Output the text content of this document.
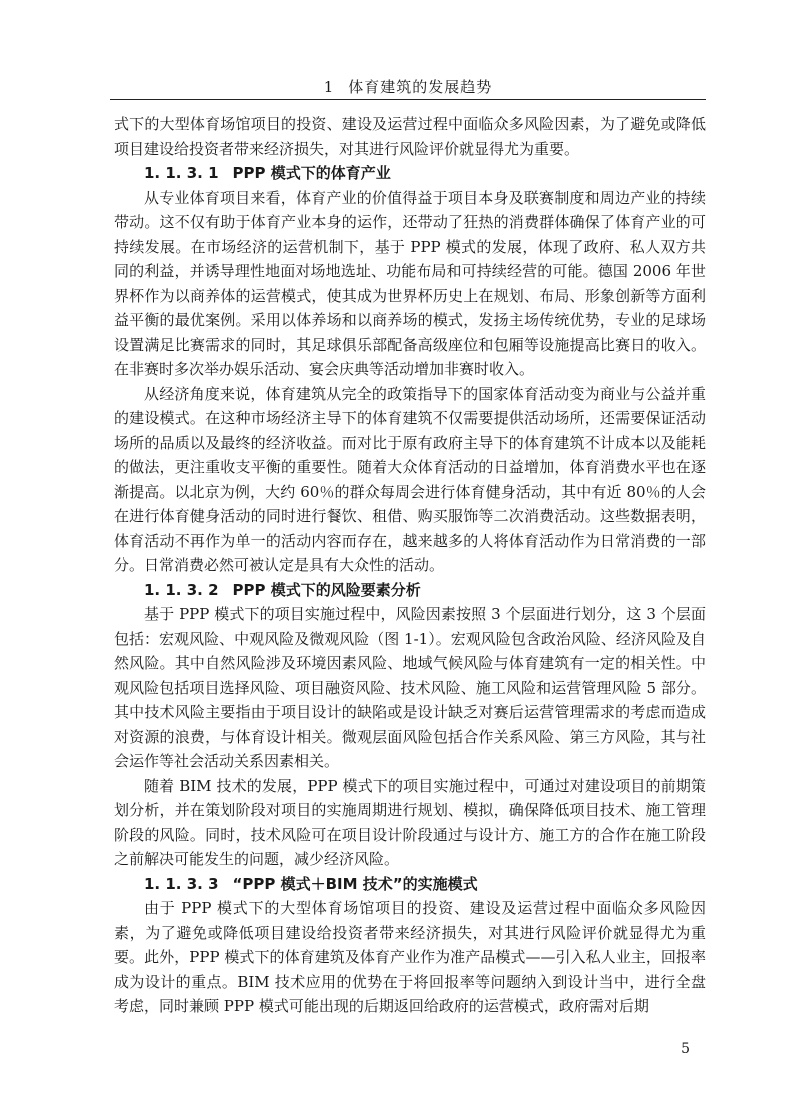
1 体育建筑的发展趋势

式下的大型体育场馆项目的投资、建设及运营过程中面临众多风险因素，为了避免或降低项目建设给投资者带来经济损失，对其进行风险评价就显得尤为重要。

1. 1. 3. 1 PPP 模式下的体育产业

从专业体育项目来看，体育产业的价值得益于项目本身及联赛制度和周边产业的持续带动。这不仅有助于体育产业本身的运作，还带动了狂热的消费群体确保了体育产业的可持续发展。在市场经济的运营机制下，基于 PPP 模式的发展，体现了政府、私人双方共同的利益，并诱导理性地面对场地选址、功能布局和可持续经营的可能。德国 2006 年世界杯作为以商养体的运营模式，使其成为世界杯历史上在规划、布局、形象创新等方面利益平衡的最优案例。采用以体养场和以商养场的模式，发扬主场传统优势，专业的足球场设置满足比赛需求的同时，其足球俱乐部配备高级座位和包厢等设施提高比赛日的收入。在非赛时多次举办娱乐活动、宴会庆典等活动增加非赛时收入。

从经济角度来说，体育建筑从完全的政策指导下的国家体育活动变为商业与公益并重的建设模式。在这种市场经济主导下的体育建筑不仅需要提供活动场所，还需要保证活动场所的品质以及最终的经济收益。而对比于原有政府主导下的体育建筑不计成本以及能耗的做法，更注重收支平衡的重要性。随着大众体育活动的日益增加，体育消费水平也在逐渐提高。以北京为例，大约 60％的群众每周会进行体育健身活动，其中有近 80％的人会在进行体育健身活动的同时进行餐饮、租借、购买服饰等二次消费活动。这些数据表明，体育活动不再作为单一的活动内容而存在，越来越多的人将体育活动作为日常消费的一部分。日常消费必然可被认定是具有大众性的活动。

1. 1. 3. 2 PPP 模式下的风险要素分析

基于 PPP 模式下的项目实施过程中，风险因素按照 3 个层面进行划分，这 3 个层面包括：宏观风险、中观风险及微观风险（图 1-1）。宏观风险包含政治风险、经济风险及自然风险。其中自然风险涉及环境因素风险、地域气候风险与体育建筑有一定的相关性。中观风险包括项目选择风险、项目融资风险、技术风险、施工风险和运营管理风险 5 部分。其中技术风险主要指由于项目设计的缺陷或是设计缺乏对赛后运营管理需求的考虑而造成对资源的浪费，与体育设计相关。微观层面风险包括合作关系风险、第三方风险，其与社会运作等社会活动关系因素相关。

随着 BIM 技术的发展，PPP 模式下的项目实施过程中，可通过对建设项目的前期策划分析，并在策划阶段对项目的实施周期进行规划、模拟，确保降低项目技术、施工管理阶段的风险。同时，技术风险可在项目设计阶段通过与设计方、施工方的合作在施工阶段之前解决可能发生的问题，减少经济风险。

1. 1. 3. 3 “PPP 模式＋BIM 技术”的实施模式

由于 PPP 模式下的大型体育场馆项目的投资、建设及运营过程中面临众多风险因素，为了避免或降低项目建设给投资者带来经济损失，对其进行风险评价就显得尤为重要。此外，PPP 模式下的体育建筑及体育产业作为准产品模式——引入私人业主，回报率成为设计的重点。BIM 技术应用的优势在于将回报率等问题纳入到设计当中，进行全盘考虑，同时兼顾 PPP 模式可能出现的后期返回给政府的运营模式，政府需对后期

5
